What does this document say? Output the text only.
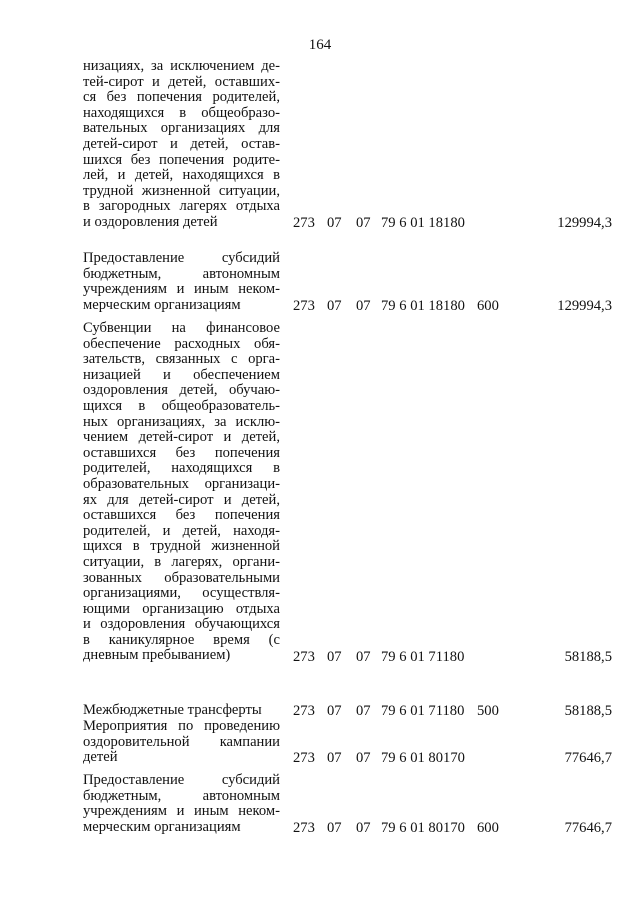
164
низациях, за исключением де-
тей-сирот и детей, оставших-
ся без попечения родителей,
находящихся в общеобразо-
вательных организациях для
детей-сирот и детей, остав-
шихся без попечения родите-
лей, и детей, находящихся в
трудной жизненной ситуации,
в загородных лагерях отдыха
и оздоровления детей	273 07 07 79 6 01 18180	129994,3
Предоставление субсидий
бюджетным, автономным
учреждениям и иным неком-
мерческим организациям	273 07 07 79 6 01 18180 600	129994,3
Субвенции на финансовое
обеспечение расходных обя-
зательств, связанных с орга-
низацией и обеспечением
оздоровления детей, обучаю-
щихся в общеобразователь-
ных организациях, за исклю-
чением детей-сирот и детей,
оставшихся без попечения
родителей, находящихся в
образовательных организаци-
ях для детей-сирот и детей,
оставшихся без попечения
родителей, и детей, находя-
щихся в трудной жизненной
ситуации, в лагерях, органи-
зованных образовательными
организациями, осуществля-
ющими организацию отдыха
и оздоровления обучающихся
в каникулярное время (с
дневным пребыванием)	273 07 07 79 6 01 71180	58188,5
Межбюджетные трансферты	273 07 07 79 6 01 71180 500	58188,5
Мероприятия по проведению
оздоровительной кампании
детей	273 07 07 79 6 01 80170	77646,7
Предоставление субсидий
бюджетным, автономным
учреждениям и иным неком-
мерческим организациям	273 07 07 79 6 01 80170 600	77646,7
